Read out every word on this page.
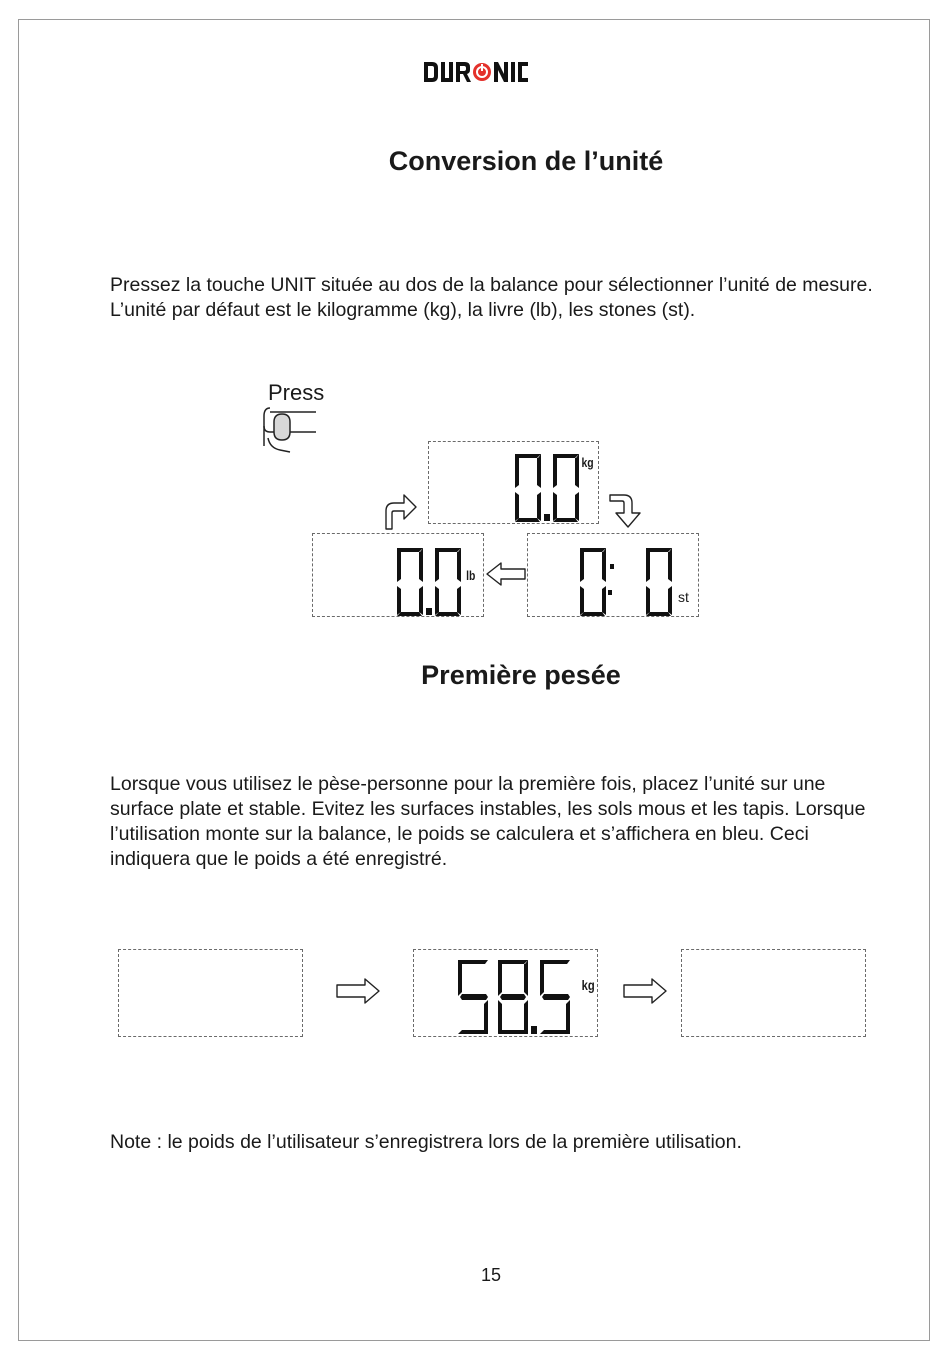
Conversion de l’unité

Pressez la touche UNIT située au dos de la balance pour sélectionner l’unité de mesure. L’unité par défaut est le kilogramme (kg), la livre (lb), les stones (st).

Press
kg
lb
st
Première pesée

Lorsque vous utilisez le pèse-personne pour la première fois, placez l’unité sur une surface plate et stable. Evitez les surfaces instables, les sols mous et les tapis. Lorsque l’utilisation monte sur la balance, le poids se calculera et s’affichera en bleu. Ceci indiquera que le poids a été enregistré.

kg

Note : le poids de l’utilisateur s’enregistrera lors de la première utilisation.

15
